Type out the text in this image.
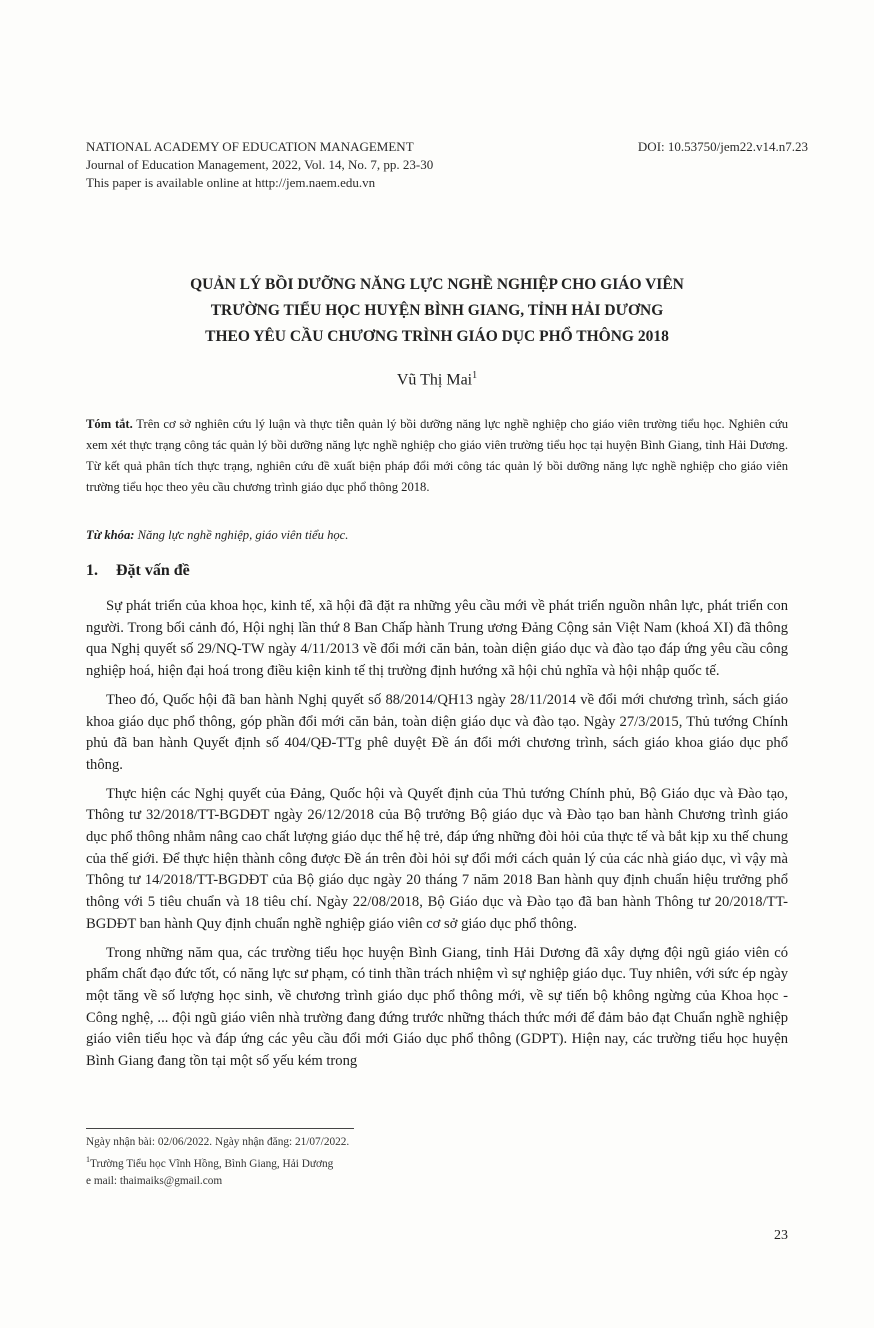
NATIONAL ACADEMY OF EDUCATION MANAGEMENT
Journal of Education Management, 2022, Vol. 14, No. 7, pp. 23-30
This paper is available online at http://jem.naem.edu.vn
DOI: 10.53750/jem22.v14.n7.23
QUẢN LÝ BỒI DƯỠNG NĂNG LỰC NGHỀ NGHIỆP CHO GIÁO VIÊN
TRƯỜNG TIỂU HỌC HUYỆN BÌNH GIANG, TỈNH HẢI DƯƠNG
THEO YÊU CẦU CHƯƠNG TRÌNH GIÁO DỤC PHỔ THÔNG 2018
Vũ Thị Mai$^1$
Tóm tắt. Trên cơ sở nghiên cứu lý luận và thực tiễn quản lý bồi dưỡng năng lực nghề nghiệp cho giáo viên trường tiểu học. Nghiên cứu xem xét thực trạng công tác quản lý bồi dưỡng năng lực nghề nghiệp cho giáo viên trường tiểu học tại huyện Bình Giang, tỉnh Hải Dương. Từ kết quả phân tích thực trạng, nghiên cứu đề xuất biện pháp đổi mới công tác quản lý bồi dưỡng năng lực nghề nghiệp cho giáo viên trường tiểu học theo yêu cầu chương trình giáo dục phổ thông 2018.
Từ khóa: Năng lực nghề nghiệp, giáo viên tiểu học.
1. Đặt vấn đề

Sự phát triển của khoa học, kinh tế, xã hội đã đặt ra những yêu cầu mới về phát triển nguồn nhân lực, phát triển con người. Trong bối cảnh đó, Hội nghị lần thứ 8 Ban Chấp hành Trung ương Đảng Cộng sản Việt Nam (khoá XI) đã thông qua Nghị quyết số 29/NQ-TW ngày 4/11/2013 về đổi mới căn bản, toàn diện giáo dục và đào tạo đáp ứng yêu cầu công nghiệp hoá, hiện đại hoá trong điều kiện kinh tế thị trường định hướng xã hội chủ nghĩa và hội nhập quốc tế.

Theo đó, Quốc hội đã ban hành Nghị quyết số 88/2014/QH13 ngày 28/11/2014 về đổi mới chương trình, sách giáo khoa giáo dục phổ thông, góp phần đổi mới căn bản, toàn diện giáo dục và đào tạo. Ngày 27/3/2015, Thủ tướng Chính phủ đã ban hành Quyết định số 404/QĐ-TTg phê duyệt Đề án đổi mới chương trình, sách giáo khoa giáo dục phổ thông.

Thực hiện các Nghị quyết của Đảng, Quốc hội và Quyết định của Thủ tướng Chính phủ, Bộ Giáo dục và Đào tạo, Thông tư 32/2018/TT-BGDĐT ngày 26/12/2018 của Bộ trưởng Bộ giáo dục và Đào tạo ban hành Chương trình giáo dục phổ thông nhằm nâng cao chất lượng giáo dục thế hệ trẻ, đáp ứng những đòi hỏi của thực tế và bắt kịp xu thế chung của thế giới. Để thực hiện thành công được Đề án trên đòi hỏi sự đổi mới cách quản lý của các nhà giáo dục, vì vậy mà Thông tư 14/2018/TT-BGDĐT của Bộ giáo dục ngày 20 tháng 7 năm 2018 Ban hành quy định chuẩn hiệu trưởng phổ thông với 5 tiêu chuẩn và 18 tiêu chí. Ngày 22/08/2018, Bộ Giáo dục và Đào tạo đã ban hành Thông tư 20/2018/TT-BGDĐT ban hành Quy định chuẩn nghề nghiệp giáo viên cơ sở giáo dục phổ thông.

Trong những năm qua, các trường tiểu học huyện Bình Giang, tỉnh Hải Dương đã xây dựng đội ngũ giáo viên có phẩm chất đạo đức tốt, có năng lực sư phạm, có tinh thần trách nhiệm vì sự nghiệp giáo dục. Tuy nhiên, với sức ép ngày một tăng về số lượng học sinh, về chương trình giáo dục phổ thông mới, về sự tiến bộ không ngừng của Khoa học - Công nghệ, ... đội ngũ giáo viên nhà trường đang đứng trước những thách thức mới để đảm bảo đạt Chuẩn nghề nghiệp giáo viên tiểu học và đáp ứng các yêu cầu đổi mới Giáo dục phổ thông (GDPT). Hiện nay, các trường tiểu học huyện Bình Giang đang tồn tại một số yếu kém trong

Ngày nhận bài: 02/06/2022. Ngày nhận đăng: 21/07/2022.
$^1$Trường Tiểu học Vĩnh Hồng, Bình Giang, Hải Dương
e mail: thaimaiks@gmail.com
23
